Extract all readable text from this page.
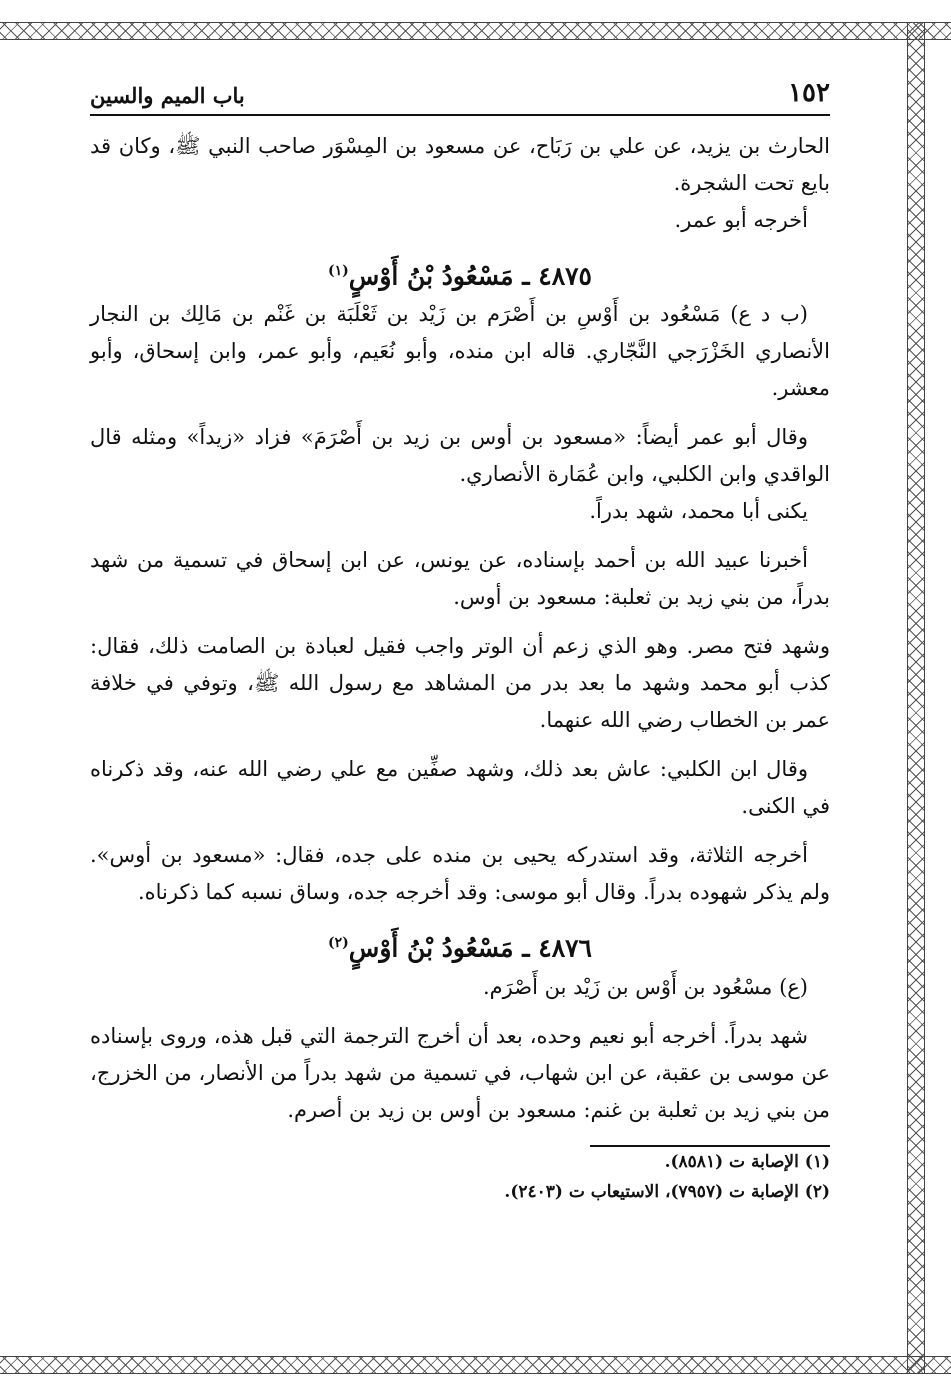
١٥٢
باب الميم والسين

الحارث بن يزيد، عن علي بن رَبَاح، عن مسعود بن المِسْوَر صاحب النبي ﷺ، وكان قد بايع تحت الشجرة.

أخرجه أبو عمر.

٤٨٧٥ ـ مَسْعُودُ بْنُ أَوْسٍ$^{(١)}$

(ب د ع) مَسْعُود بن أَوْسِ بن أَصْرَم بن زَيْد بن ثَعْلَبَة بن غَنْم بن مَالِك بن النجار الأنصاري الخَزْرَجي النَّجّاري. قاله ابن منده، وأبو نُعَيم، وأبو عمر، وابن إسحاق، وأبو معشر.

وقال أبو عمر أيضاً: «مسعود بن أوس بن زيد بن أَصْرَمَ» فزاد «زيداً» ومثله قال الواقدي وابن الكلبي، وابن عُمَارة الأنصاري.

يكنى أبا محمد، شهد بدراً.

أخبرنا عبيد الله بن أحمد بإسناده، عن يونس، عن ابن إسحاق في تسمية من شهد بدراً، من بني زيد بن ثعلبة: مسعود بن أوس.

وشهد فتح مصر. وهو الذي زعم أن الوتر واجب فقيل لعبادة بن الصامت ذلك، فقال: كذب أبو محمد وشهد ما بعد بدر من المشاهد مع رسول الله ﷺ، وتوفي في خلافة عمر بن الخطاب رضي الله عنهما.

وقال ابن الكلبي: عاش بعد ذلك، وشهد صفِّين مع علي رضي الله عنه، وقد ذكرناه في الكنى.

أخرجه الثلاثة، وقد استدركه يحيى بن منده على جده، فقال: «مسعود بن أوس». ولم يذكر شهوده بدراً. وقال أبو موسى: وقد أخرجه جده، وساق نسبه كما ذكرناه.

٤٨٧٦ ـ مَسْعُودُ بْنُ أَوْسٍ$^{(٢)}$

(ع) مسْعُود بن أَوْس بن زَيْد بن أَصْرَم.

شهد بدراً. أخرجه أبو نعيم وحده، بعد أن أخرج الترجمة التي قبل هذه، وروى بإسناده عن موسى بن عقبة، عن ابن شهاب، في تسمية من شهد بدراً من الأنصار، من الخزرج، من بني زيد بن ثعلبة بن غنم: مسعود بن أوس بن زيد بن أصرم.

(١) الإصابة ت (٨٥٨١).

(٢) الإصابة ت (٧٩٥٧)، الاستيعاب ت (٢٤٠٣).
